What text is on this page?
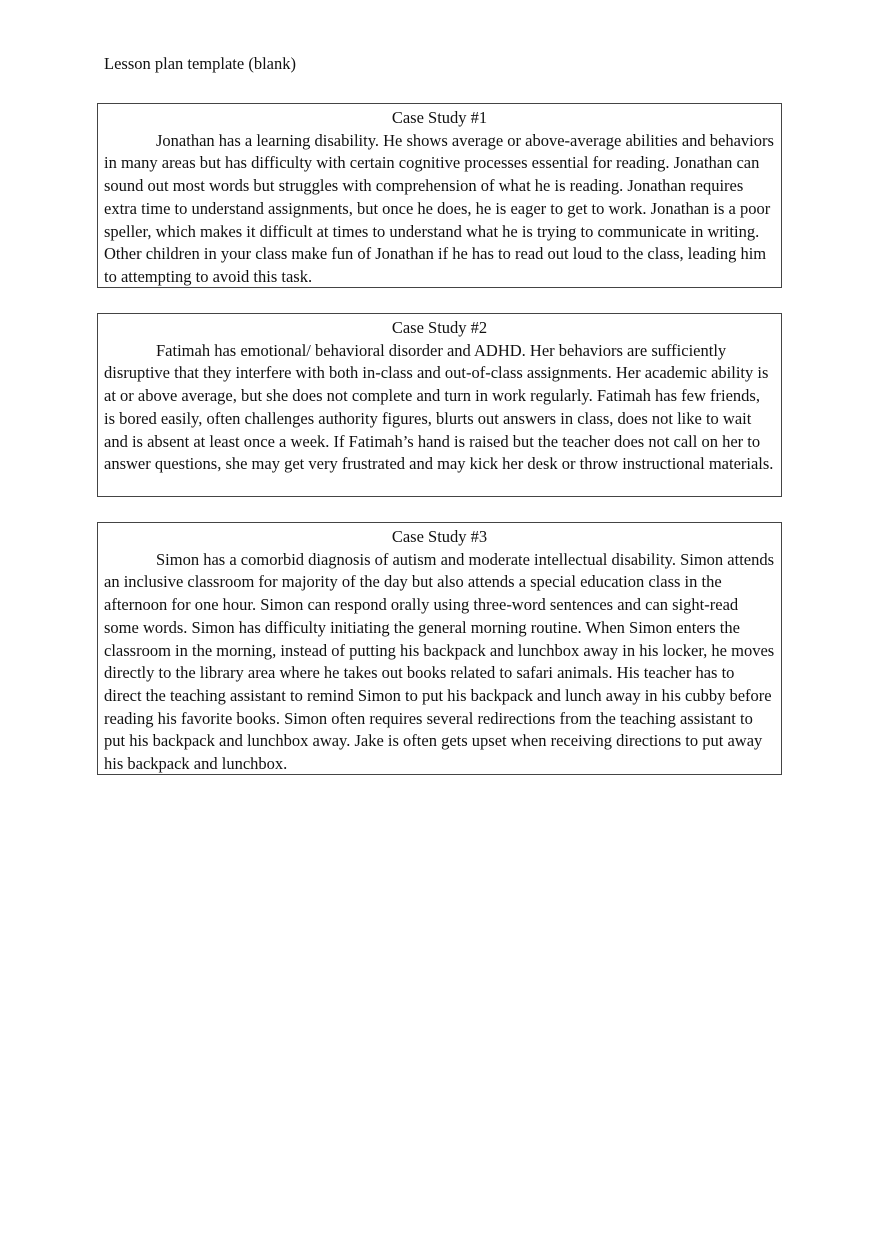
Lesson plan template (blank)

Case Study #1

Jonathan has a learning disability. He shows average or above-average abilities and behaviors in many areas but has difficulty with certain cognitive processes essential for reading. Jonathan can sound out most words but struggles with comprehension of what he is reading. Jonathan requires extra time to understand assignments, but once he does, he is eager to get to work. Jonathan is a poor speller, which makes it difficult at times to understand what he is trying to communicate in writing. Other children in your class make fun of Jonathan if he has to read out loud to the class, leading him to attempting to avoid this task.

Case Study #2

Fatimah has emotional/ behavioral disorder and ADHD. Her behaviors are sufficiently disruptive that they interfere with both in-class and out-of-class assignments. Her academic ability is at or above average, but she does not complete and turn in work regularly. Fatimah has few friends, is bored easily, often challenges authority figures, blurts out answers in class, does not like to wait and is absent at least once a week. If Fatimah’s hand is raised but the teacher does not call on her to answer questions, she may get very frustrated and may kick her desk or throw instructional materials.

Case Study #3

Simon has a comorbid diagnosis of autism and moderate intellectual disability. Simon attends an inclusive classroom for majority of the day but also attends a special education class in the afternoon for one hour. Simon can respond orally using three-word sentences and can sight-read some words. Simon has difficulty initiating the general morning routine. When Simon enters the classroom in the morning, instead of putting his backpack and lunchbox away in his locker, he moves directly to the library area where he takes out books related to safari animals. His teacher has to direct the teaching assistant to remind Simon to put his backpack and lunch away in his cubby before reading his favorite books. Simon often requires several redirections from the teaching assistant to put his backpack and lunchbox away. Jake is often gets upset when receiving directions to put away his backpack and lunchbox.
